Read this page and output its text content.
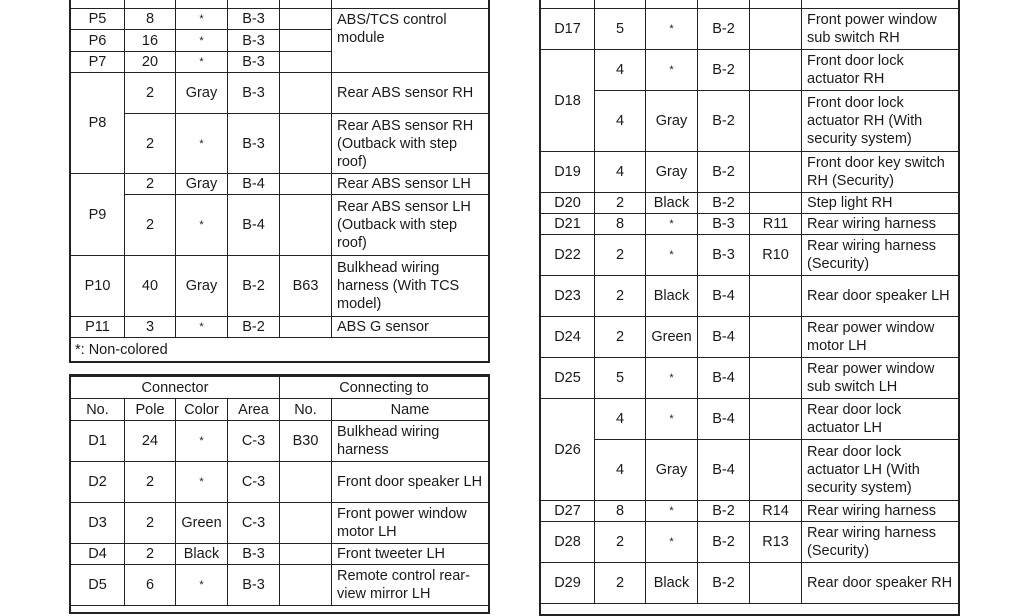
P5	8	*	B-3		ABS/TCS control module
P6	16	*	B-3		
P7	20	*	B-3		
P8	2	Gray	B-3		Rear ABS sensor RH
	2	*	B-3		Rear ABS sensor RH (Outback with step roof)
P9	2	Gray	B-4		Rear ABS sensor LH
	2	*	B-4		Rear ABS sensor LH (Outback with step roof)
P10	40	Gray	B-2	B63	Bulkhead wiring harness (With TCS model)
P11	3	*	B-2		ABS G sensor
*: Non-colored
Connector				Connecting to	
No.	Pole	Color	Area	No.	Name
D1	24	*	C-3	B30	Bulkhead wiring harness
D2	2	*	C-3		Front door speaker LH
D3	2	Green	C-3		Front power window motor LH
D4	2	Black	B-3		Front tweeter LH
D5	6	*	B-3		Remote control rear-view mirror LH

D17	5	*	B-2		Front power window sub switch RH
D18	4	*	B-2		Front door lock actuator RH
	4	Gray	B-2		Front door lock actuator RH (With security system)
D19	4	Gray	B-2		Front door key switch RH (Security)
D20	2	Black	B-2		Step light RH
D21	8	*	B-3	R11	Rear wiring harness
D22	2	*	B-3	R10	Rear wiring harness (Security)
D23	2	Black	B-4		Rear door speaker LH
D24	2	Green	B-4		Rear power window motor LH
D25	5	*	B-4		Rear power window sub switch LH
D26	4	*	B-4		Rear door lock actuator LH
	4	Gray	B-4		Rear door lock actuator LH (With security system)
D27	8	*	B-2	R14	Rear wiring harness
D28	2	*	B-2	R13	Rear wiring harness (Security)
D29	2	Black	B-2		Rear door speaker RH
